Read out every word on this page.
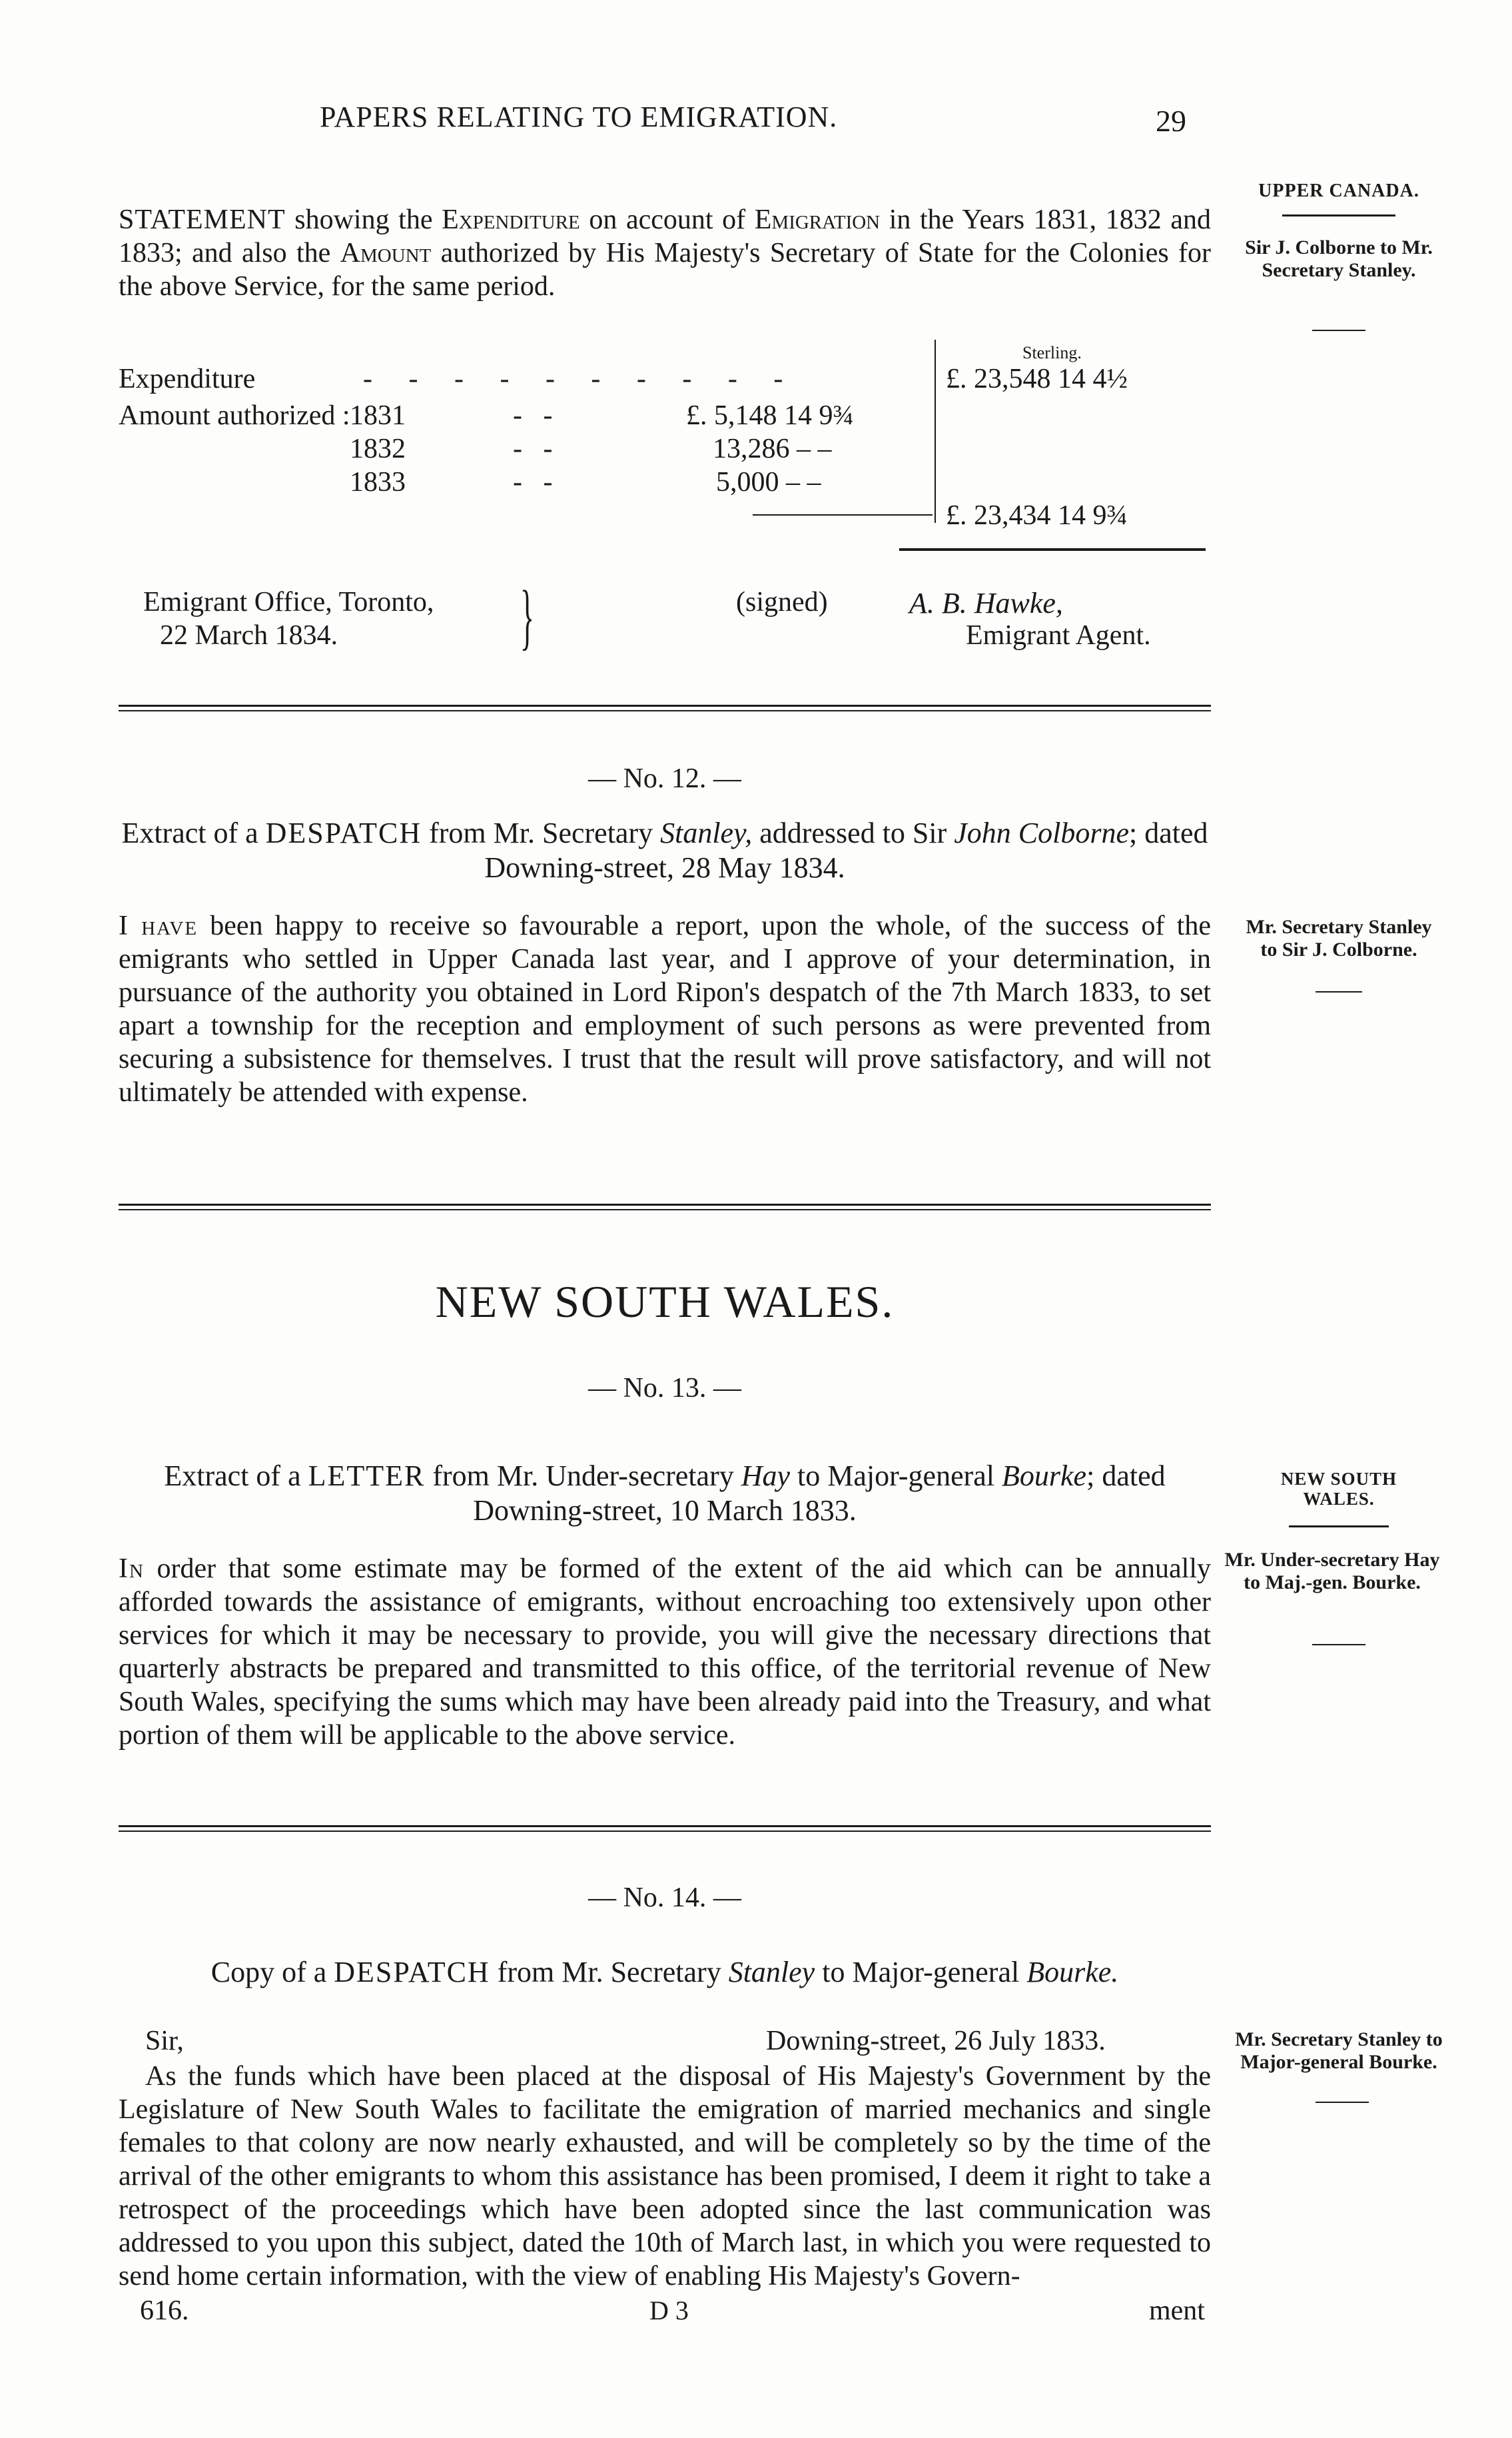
PAPERS RELATING TO EMIGRATION.	29
UPPER CANADA.
Sir J. Colborne to Mr. Secretary Stanley.
STATEMENT showing the Expenditure on account of Emigration in the Years 1831, 1832 and 1833; and also the Amount authorized by His Majesty's Secretary of State for the Colonies for the above Service, for the same period.
Sterling.
Expenditure	- - - - - - - - - -	£. 23,548 14 4½
Amount authorized : 1831	-   -	£. 5,148 14 9¾
1832	-   -	13,286 – –
1833	-   -	5,000 – –
£. 23,434 14 9¾
Emigrant Office, Toronto,
22 March 1834. }	(signed)	A. B. Hawke,
Emigrant Agent.
— No. 12. —
Extract of a DESPATCH from Mr. Secretary Stanley, addressed to Sir John Colborne; dated Downing-street, 28 May 1834.
Mr. Secretary Stanley to Sir J. Colborne.
I have been happy to receive so favourable a report, upon the whole, of the success of the emigrants who settled in Upper Canada last year, and I approve of your determination, in pursuance of the authority you obtained in Lord Ripon's despatch of the 7th March 1833, to set apart a township for the reception and employment of such persons as were prevented from securing a subsistence for themselves. I trust that the result will prove satisfactory, and will not ultimately be attended with expense.
NEW SOUTH WALES.
— No. 13. —
Extract of a LETTER from Mr. Under-secretary Hay to Major-general Bourke; dated Downing-street, 10 March 1833.
NEW SOUTH WALES.
Mr. Under-secretary Hay to Maj.-gen. Bourke.
In order that some estimate may be formed of the extent of the aid which can be annually afforded towards the assistance of emigrants, without encroaching too extensively upon other services for which it may be necessary to provide, you will give the necessary directions that quarterly abstracts be prepared and transmitted to this office, of the territorial revenue of New South Wales, specifying the sums which may have been already paid into the Treasury, and what portion of them will be applicable to the above service.
— No. 14. —
Copy of a DESPATCH from Mr. Secretary Stanley to Major-general Bourke.
Mr. Secretary Stanley to Major-general Bourke.
Sir,	Downing-street, 26 July 1833.
As the funds which have been placed at the disposal of His Majesty's Government by the Legislature of New South Wales to facilitate the emigration of married mechanics and single females to that colony are now nearly exhausted, and will be completely so by the time of the arrival of the other emigrants to whom this assistance has been promised, I deem it right to take a retrospect of the proceedings which have been adopted since the last communication was addressed to you upon this subject, dated the 10th of March last, in which you were requested to send home certain information, with the view of enabling His Majesty's Govern-
616.	D 3	ment
